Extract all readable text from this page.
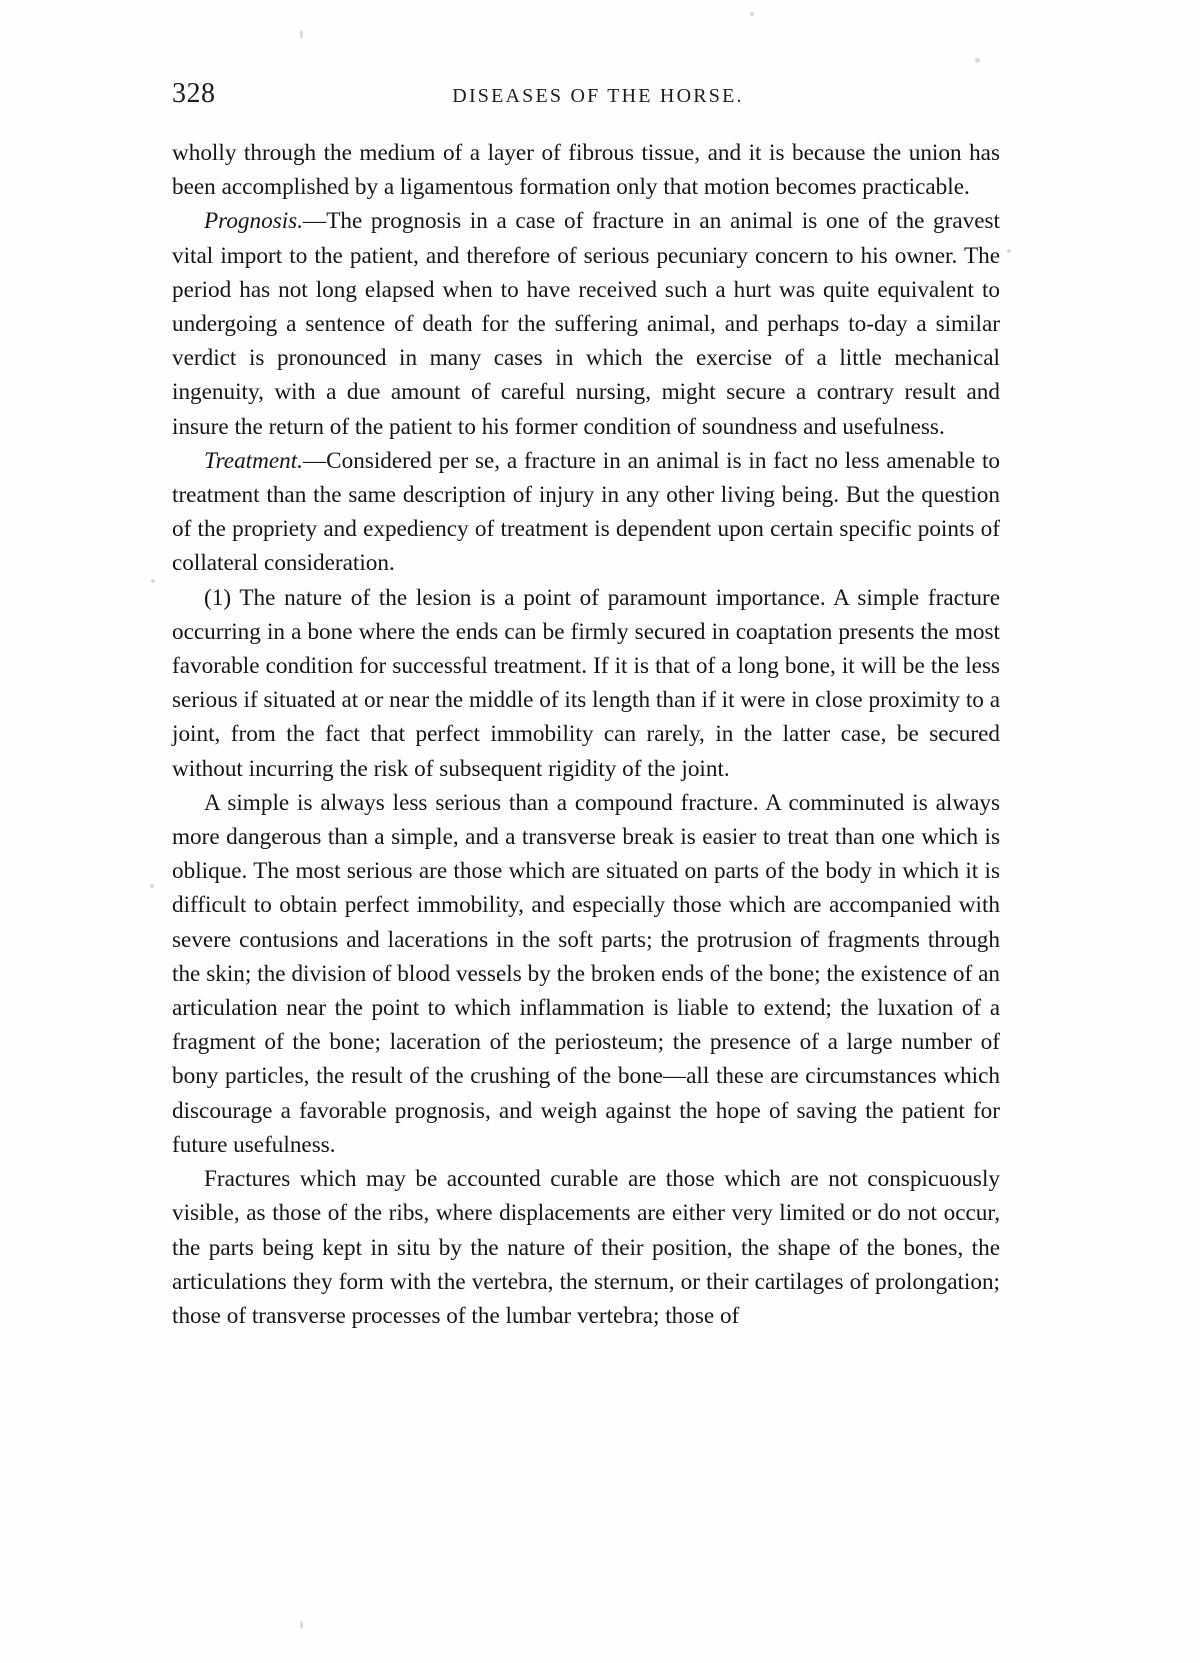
328	DISEASES OF THE HORSE.

wholly through the medium of a layer of fibrous tissue, and it is because the union has been accomplished by a ligamentous formation only that motion becomes practicable.

Prognosis.—The prognosis in a case of fracture in an animal is one of the gravest vital import to the patient, and therefore of serious pecuniary concern to his owner. The period has not long elapsed when to have received such a hurt was quite equivalent to undergoing a sentence of death for the suffering animal, and perhaps to-day a similar verdict is pronounced in many cases in which the exercise of a little mechanical ingenuity, with a due amount of careful nursing, might secure a contrary result and insure the return of the patient to his former condition of soundness and usefulness.

Treatment.—Considered per se, a fracture in an animal is in fact no less amenable to treatment than the same description of injury in any other living being. But the question of the propriety and expediency of treatment is dependent upon certain specific points of collateral consideration.

(1) The nature of the lesion is a point of paramount importance. A simple fracture occurring in a bone where the ends can be firmly secured in coaptation presents the most favorable condition for successful treatment. If it is that of a long bone, it will be the less serious if situated at or near the middle of its length than if it were in close proximity to a joint, from the fact that perfect immobility can rarely, in the latter case, be secured without incurring the risk of subsequent rigidity of the joint.

A simple is always less serious than a compound fracture. A comminuted is always more dangerous than a simple, and a transverse break is easier to treat than one which is oblique. The most serious are those which are situated on parts of the body in which it is difficult to obtain perfect immobility, and especially those which are accompanied with severe contusions and lacerations in the soft parts; the protrusion of fragments through the skin; the division of blood vessels by the broken ends of the bone; the existence of an articulation near the point to which inflammation is liable to extend; the luxation of a fragment of the bone; laceration of the periosteum; the presence of a large number of bony particles, the result of the crushing of the bone—all these are circumstances which discourage a favorable prognosis, and weigh against the hope of saving the patient for future usefulness.

Fractures which may be accounted curable are those which are not conspicuously visible, as those of the ribs, where displacements are either very limited or do not occur, the parts being kept in situ by the nature of their position, the shape of the bones, the articulations they form with the vertebra, the sternum, or their cartilages of prolongation; those of transverse processes of the lumbar vertebra; those of
